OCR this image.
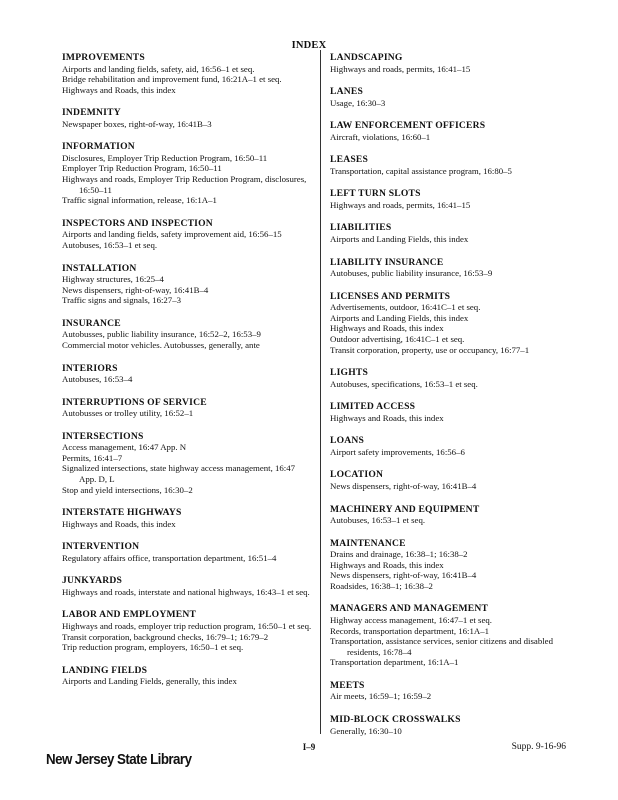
INDEX
IMPROVEMENTS
Airports and landing fields, safety, aid, 16:56–1 et seq.
Bridge rehabilitation and improvement fund, 16:21A–1 et seq.
Highways and Roads, this index
INDEMNITY
Newspaper boxes, right-of-way, 16:41B–3
INFORMATION
Disclosures, Employer Trip Reduction Program, 16:50–11
Employer Trip Reduction Program, 16:50–11
Highways and roads, Employer Trip Reduction Program, disclosures, 16:50–11
Traffic signal information, release, 16:1A–1
INSPECTORS AND INSPECTION
Airports and landing fields, safety improvement aid, 16:56–15
Autobuses, 16:53–1 et seq.
INSTALLATION
Highway structures, 16:25–4
News dispensers, right-of-way, 16:41B–4
Traffic signs and signals, 16:27–3
INSURANCE
Autobusses, public liability insurance, 16:52–2, 16:53–9
Commercial motor vehicles. Autobusses, generally, ante
INTERIORS
Autobuses, 16:53–4
INTERRUPTIONS OF SERVICE
Autobusses or trolley utility, 16:52–1
INTERSECTIONS
Access management, 16:47 App. N
Permits, 16:41–7
Signalized intersections, state highway access management, 16:47 App. D, L
Stop and yield intersections, 16:30–2
INTERSTATE HIGHWAYS
Highways and Roads, this index
INTERVENTION
Regulatory affairs office, transportation department, 16:51–4
JUNKYARDS
Highways and roads, interstate and national highways, 16:43–1 et seq.
LABOR AND EMPLOYMENT
Highways and roads, employer trip reduction program, 16:50–1 et seq.
Transit corporation, background checks, 16:79–1; 16:79–2
Trip reduction program, employers, 16:50–1 et seq.
LANDING FIELDS
Airports and Landing Fields, generally, this index
LANDSCAPING
Highways and roads, permits, 16:41–15
LANES
Usage, 16:30–3
LAW ENFORCEMENT OFFICERS
Aircraft, violations, 16:60–1
LEASES
Transportation, capital assistance program, 16:80–5
LEFT TURN SLOTS
Highways and roads, permits, 16:41–15
LIABILITIES
Airports and Landing Fields, this index
LIABILITY INSURANCE
Autobuses, public liability insurance, 16:53–9
LICENSES AND PERMITS
Advertisements, outdoor, 16:41C–1 et seq.
Airports and Landing Fields, this index
Highways and Roads, this index
Outdoor advertising, 16:41C–1 et seq.
Transit corporation, property, use or occupancy, 16:77–1
LIGHTS
Autobuses, specifications, 16:53–1 et seq.
LIMITED ACCESS
Highways and Roads, this index
LOANS
Airport safety improvements, 16:56–6
LOCATION
News dispensers, right-of-way, 16:41B–4
MACHINERY AND EQUIPMENT
Autobuses, 16:53–1 et seq.
MAINTENANCE
Drains and drainage, 16:38–1; 16:38–2
Highways and Roads, this index
News dispensers, right-of-way, 16:41B–4
Roadsides, 16:38–1; 16:38–2
MANAGERS AND MANAGEMENT
Highway access management, 16:47–1 et seq.
Records, transportation department, 16:1A–1
Transportation, assistance services, senior citizens and disabled residents, 16:78–4
Transportation department, 16:1A–1
MEETS
Air meets, 16:59–1; 16:59–2
MID-BLOCK CROSSWALKS
Generally, 16:30–10
I–9	Supp. 9-16-96
New Jersey State Library
